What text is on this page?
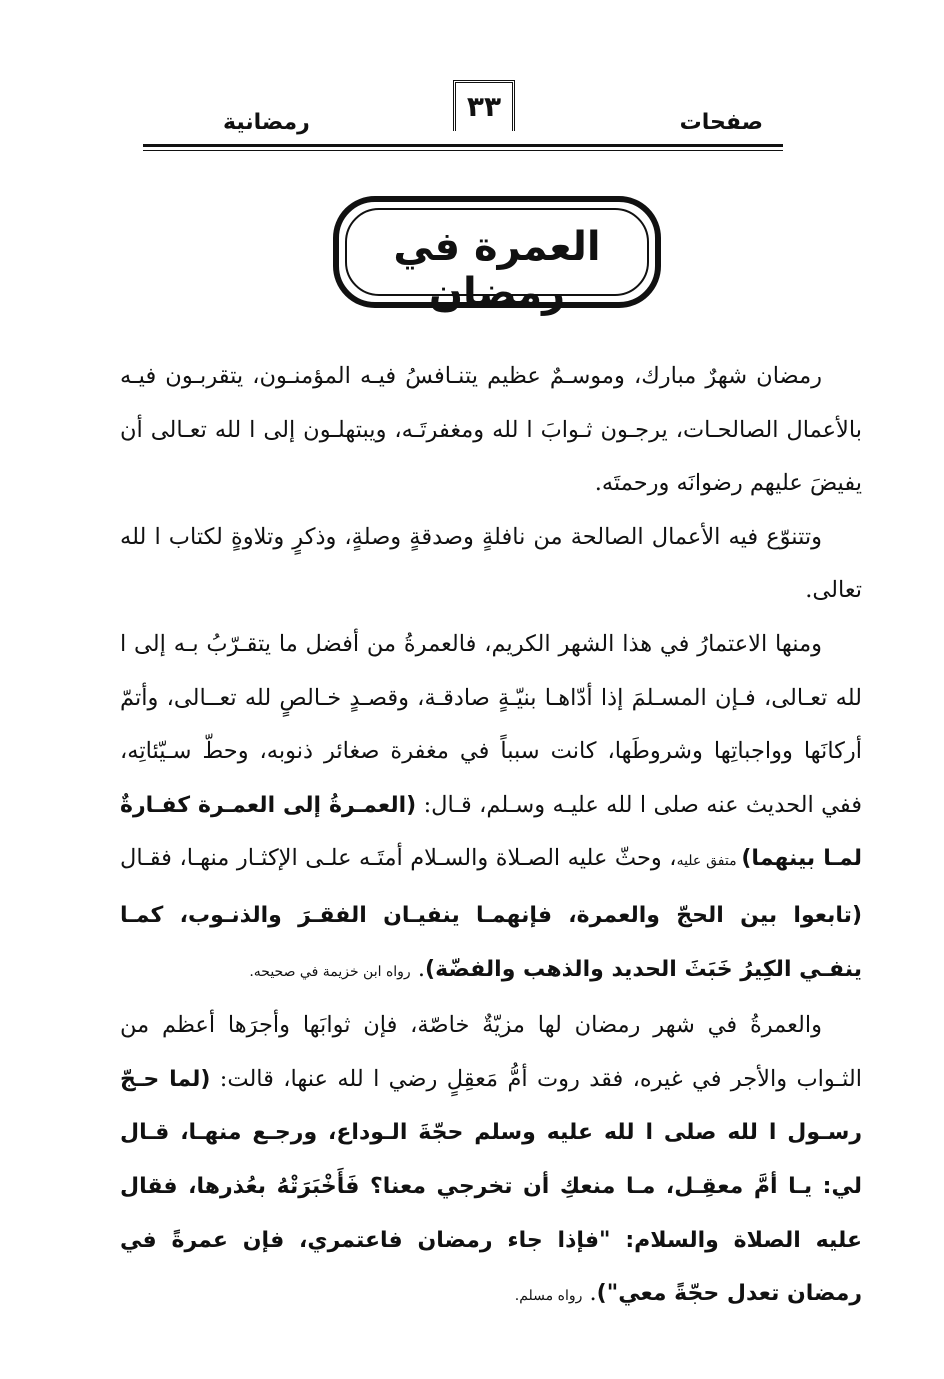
صفحات
٣٣
رمضانية
العمرة في رمضان

رمضان شهرٌ مبارك، وموسـمٌ عظيم يتنـافسُ فيـه المؤمنـون، يتقربـون فيـه بالأعمال الصالحـات، يرجـون ثـوابَ ا لله ومغفرتَـه، ويبتهلـون إلى ا لله تعـالى أن يفيضَ عليهم رضوانَه ورحمتَه.

وتتنوّع فيه الأعمال الصالحة من نافلةٍ وصدقةٍ وصلةٍ، وذكرٍ وتلاوةٍ لكتاب ا لله تعالى.

ومنها الاعتمارُ في هذا الشهر الكريم، فالعمرةُ من أفضل ما يتقـرّبُ بـه إلى ا لله تعـالى، فـإن المسـلمَ إذا أدّاهـا بنيّـةٍ صادقـة، وقصـدٍ خـالصٍ لله تعــالى، وأتمّ أركانَها وواجباتِها وشروطَها، كانت سبباً في مغفرة صغائر ذنوبه، وحطّ سـيّئاتِه، ففي الحديث عنه صلى ا لله عليـه وسـلم، قـال: (العمـرةُ إلى العمـرة كفـارةٌ لمـا بينهما) متفق عليه، وحثّ عليه الصـلاة والسـلام أمتَـه علـى الإكثـار منهـا، فقـال (تابعوا بين الحجّ والعمرة، فإنهمـا ينفيـان الفقـرَ والذنـوب، كمـا ينفـي الكِيرُ خَبَثَ الحديد والذهب والفضّة). رواه ابن خزيمة في صحيحه.

والعمرةُ في شهر رمضان لها مزيّةٌ خاصّة، فإن ثوابَها وأجرَها أعظم من الثـواب والأجر في غيره، فقد روت أمُّ مَعقِلٍ رضي ا لله عنها، قالت: (لما حـجّ رسـول ا لله صلى ا لله عليه وسلم حجّةَ الـوداع، ورجـع منهـا، قـال لي: يـا أمَّ معقِـل، مـا منعكِ أن تخرجي معنا؟ فَأَخْبَرَتْهُ بعُذرها، فقال عليه الصلاة والسلام: "فإذا جاء رمضان فاعتمري، فإن عمرةً في رمضان تعدل حجّةً معي"). رواه مسلم.
